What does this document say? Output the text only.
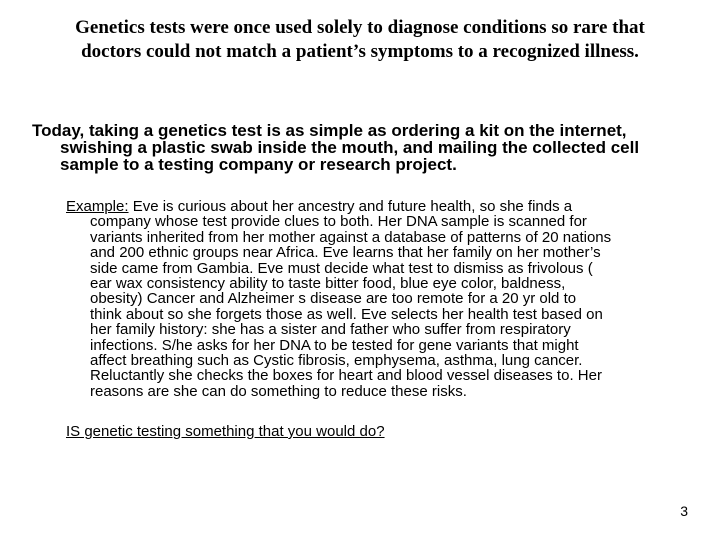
Genetics tests were once used solely to diagnose conditions so rare that
doctors could not match a patient’s symptoms to a recognized illness.
Today, taking a genetics test is as simple as ordering a kit on the internet,
swishing a plastic swab inside the mouth, and mailing the collected cell
sample to a testing company or research project.
Example: Eve is curious about her ancestry and future health, so she finds a
company whose test provide clues to both. Her DNA sample is scanned for
variants inherited from her mother against a database of patterns of 20 nations
and 200 ethnic groups near Africa. Eve learns that her family on her mother’s
side came from Gambia. Eve must decide what test to dismiss as frivolous (
ear wax consistency ability to taste bitter food, blue eye color, baldness,
obesity) Cancer and Alzheimer s disease are too remote for a 20 yr old to
think about so she forgets those as well. Eve selects her health test based on
her family history: she has a sister and father who suffer from respiratory
infections. S/he asks for her DNA to be tested for gene variants that might
affect breathing such as Cystic fibrosis, emphysema, asthma, lung cancer.
Reluctantly she checks the boxes for heart and blood vessel diseases to. Her
reasons are she can do something to reduce these risks.

IS genetic testing something that you would do?

3
